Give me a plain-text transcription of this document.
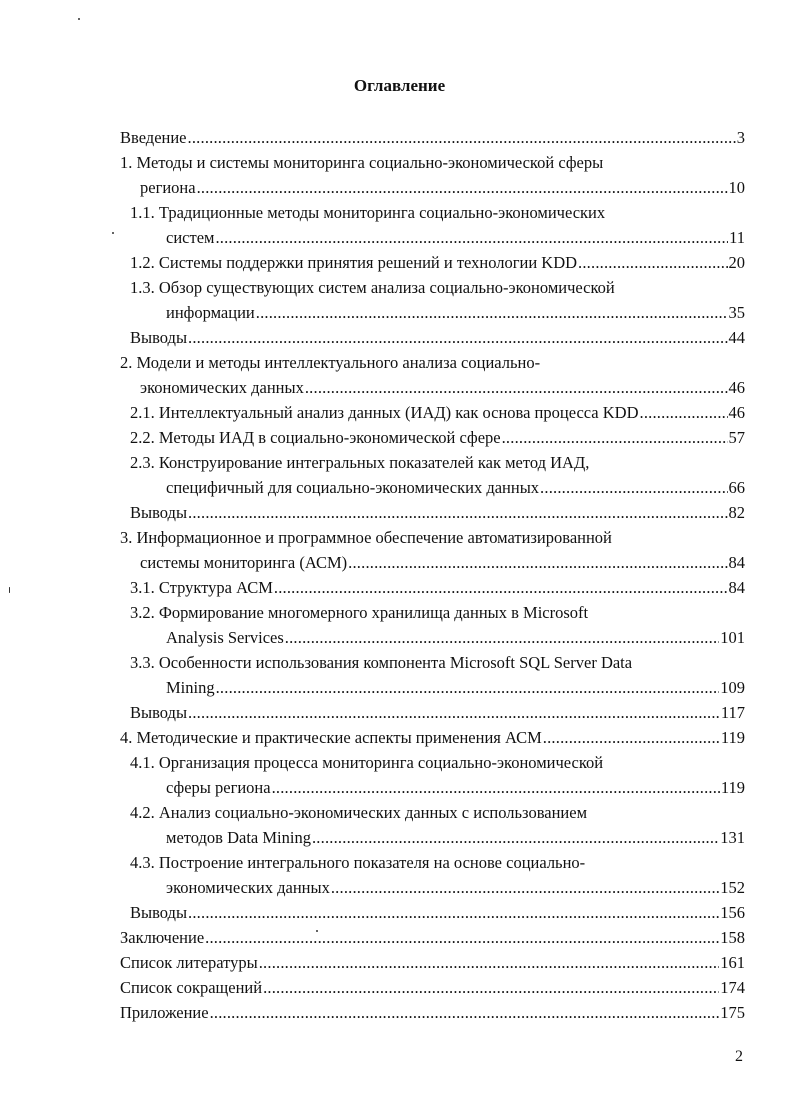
Оглавление
Введение .....	3
1. Методы и системы мониторинга социально-экономической сферы
региона .....	10
1.1. Традиционные методы мониторинга социально-экономических
систем .....	11
1.2. Системы поддержки принятия решений и технологии KDD .....	20
1.3. Обзор существующих систем анализа социально-экономической
информации .....	35
Выводы .....	44
2. Модели и методы интеллектуального анализа социально-
экономических данных .....	46
2.1. Интеллектуальный анализ данных (ИАД) как основа процесса KDD .....	46
2.2. Методы ИАД в социально-экономической сфере .....	57
2.3. Конструирование интегральных показателей как метод ИАД,
специфичный для социально-экономических данных .....	66
Выводы .....	82
3. Информационное и программное обеспечение автоматизированной
системы мониторинга (АСМ) .....	84
3.1. Структура АСМ .....	84
3.2. Формирование многомерного хранилища данных в Microsoft
Analysis Services .....	101
3.3. Особенности использования компонента Microsoft SQL Server Data
Mining .....	109
Выводы .....	117
4. Методические и практические аспекты применения АСМ .....	119
4.1. Организация процесса мониторинга социально-экономической
сферы региона .....	119
4.2. Анализ социально-экономических данных с использованием
методов Data Mining .....	131
4.3. Построение интегрального показателя на основе социально-
экономических данных .....	152
Выводы .....	156
Заключение .....	158
Список литературы .....	161
Список сокращений .....	174
Приложение .....	175
2
